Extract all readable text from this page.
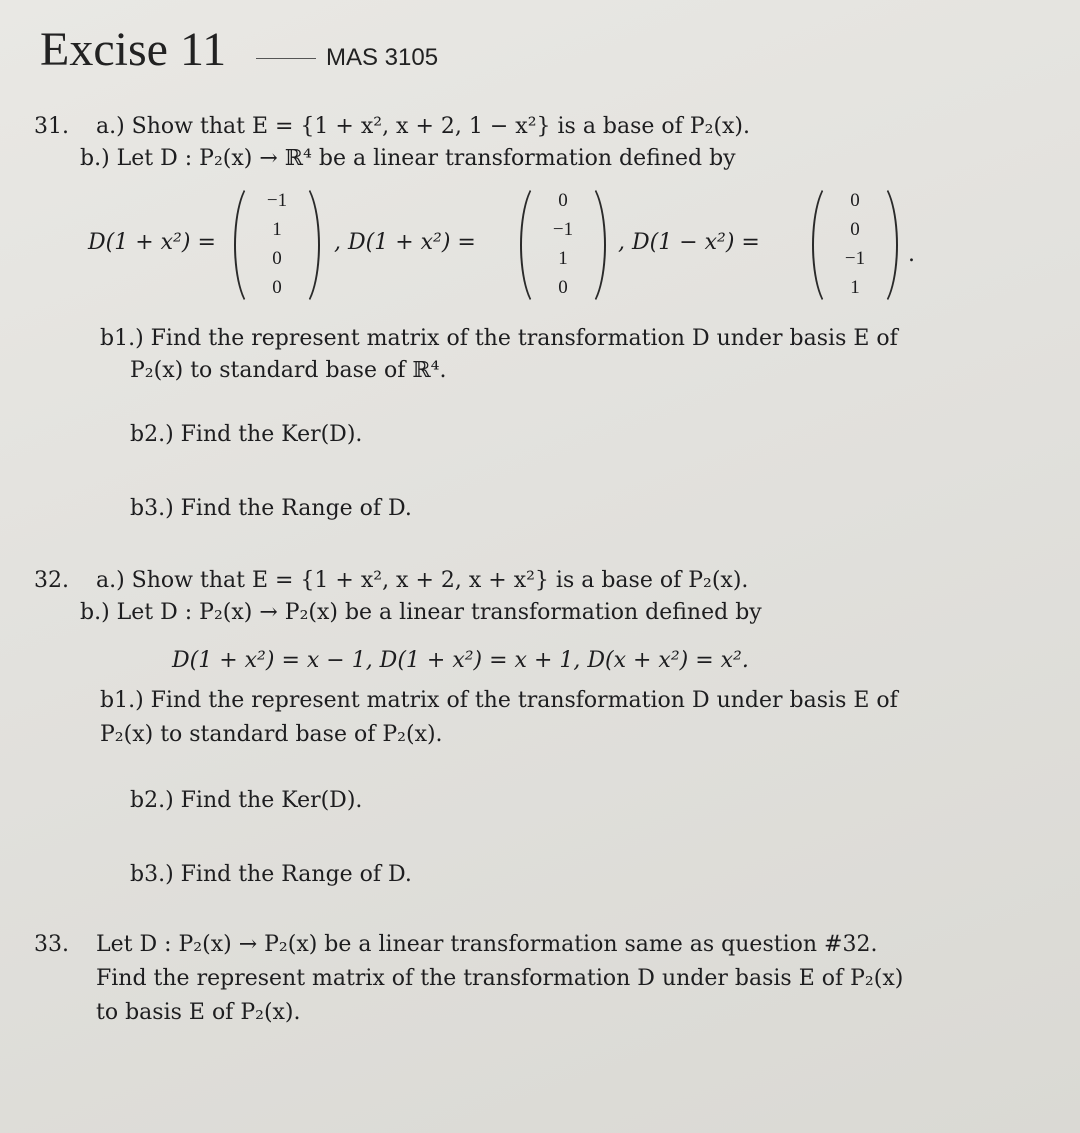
Excise 11	MAS 3105
31. a.) Show that E = {1 + x², x + 2, 1 − x²} is a base of P₂(x).
b.) Let D : P₂(x) → ℝ⁴ be a linear transformation defined by
D(1 + x²) =
−1
1
0
0
, D(1 + x²) =
0
−1
1
0
, D(1 − x²) =
0
0
−1
1
.
b1.) Find the represent matrix of the transformation D under basis E of
P₂(x) to standard base of ℝ⁴.
b2.) Find the Ker(D).
b3.) Find the Range of D.
32. a.) Show that E = {1 + x², x + 2, x + x²} is a base of P₂(x).
b.) Let D : P₂(x) → P₂(x) be a linear transformation defined by
D(1 + x²) = x − 1, D(1 + x²) = x + 1, D(x + x²) = x².
b1.) Find the represent matrix of the transformation D under basis E of
P₂(x) to standard base of P₂(x).
b2.) Find the Ker(D).
b3.) Find the Range of D.
33. Let D : P₂(x) → P₂(x) be a linear transformation same as question #32.
Find the represent matrix of the transformation D under basis E of P₂(x)
to basis E of P₂(x).
